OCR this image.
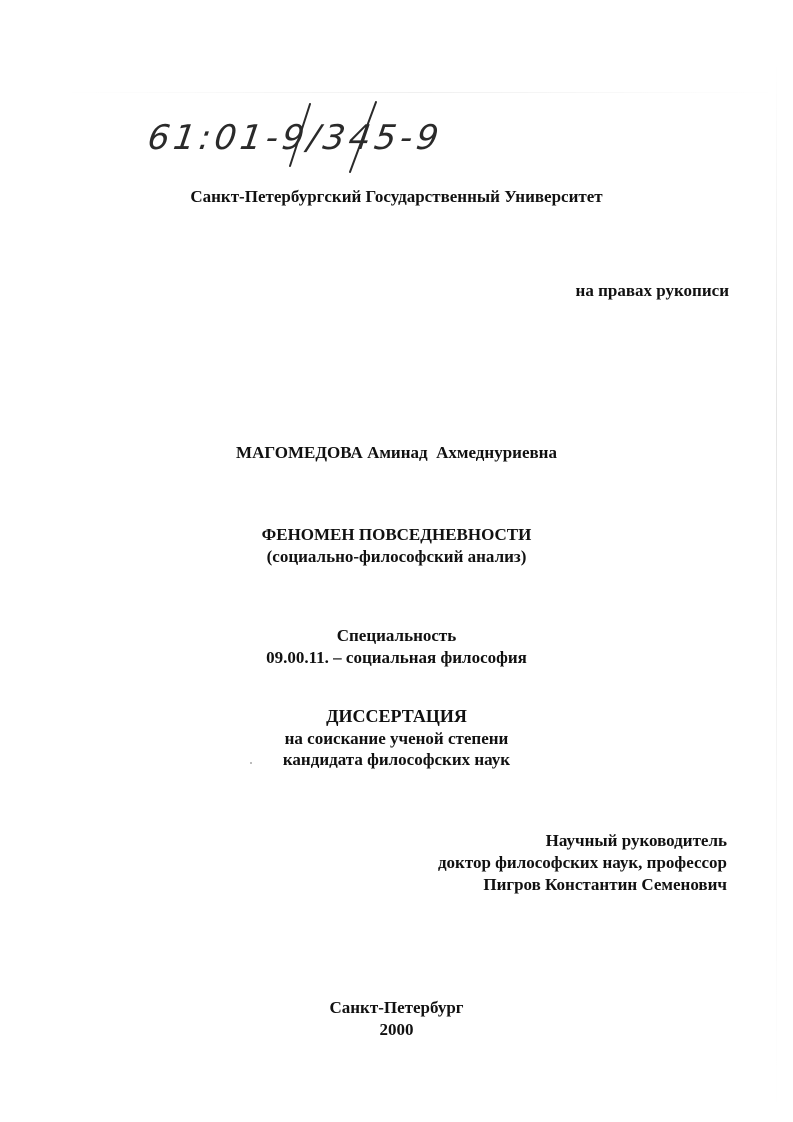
61:01-9/345-9
Санкт-Петербургский Государственный Университет
на правах рукописи
МАГОМЕДОВА Аминад  Ахмеднуриевна
ФЕНОМЕН ПОВСЕДНЕВНОСТИ
(социально-философский анализ)
Специальность
09.00.11. – социальная философия
ДИССЕРТАЦИЯ
на соискание ученой степени
кандидата философских наук
Научный руководитель
доктор философских наук, профессор
Пигров Константин Семенович
Санкт-Петербург
2000
